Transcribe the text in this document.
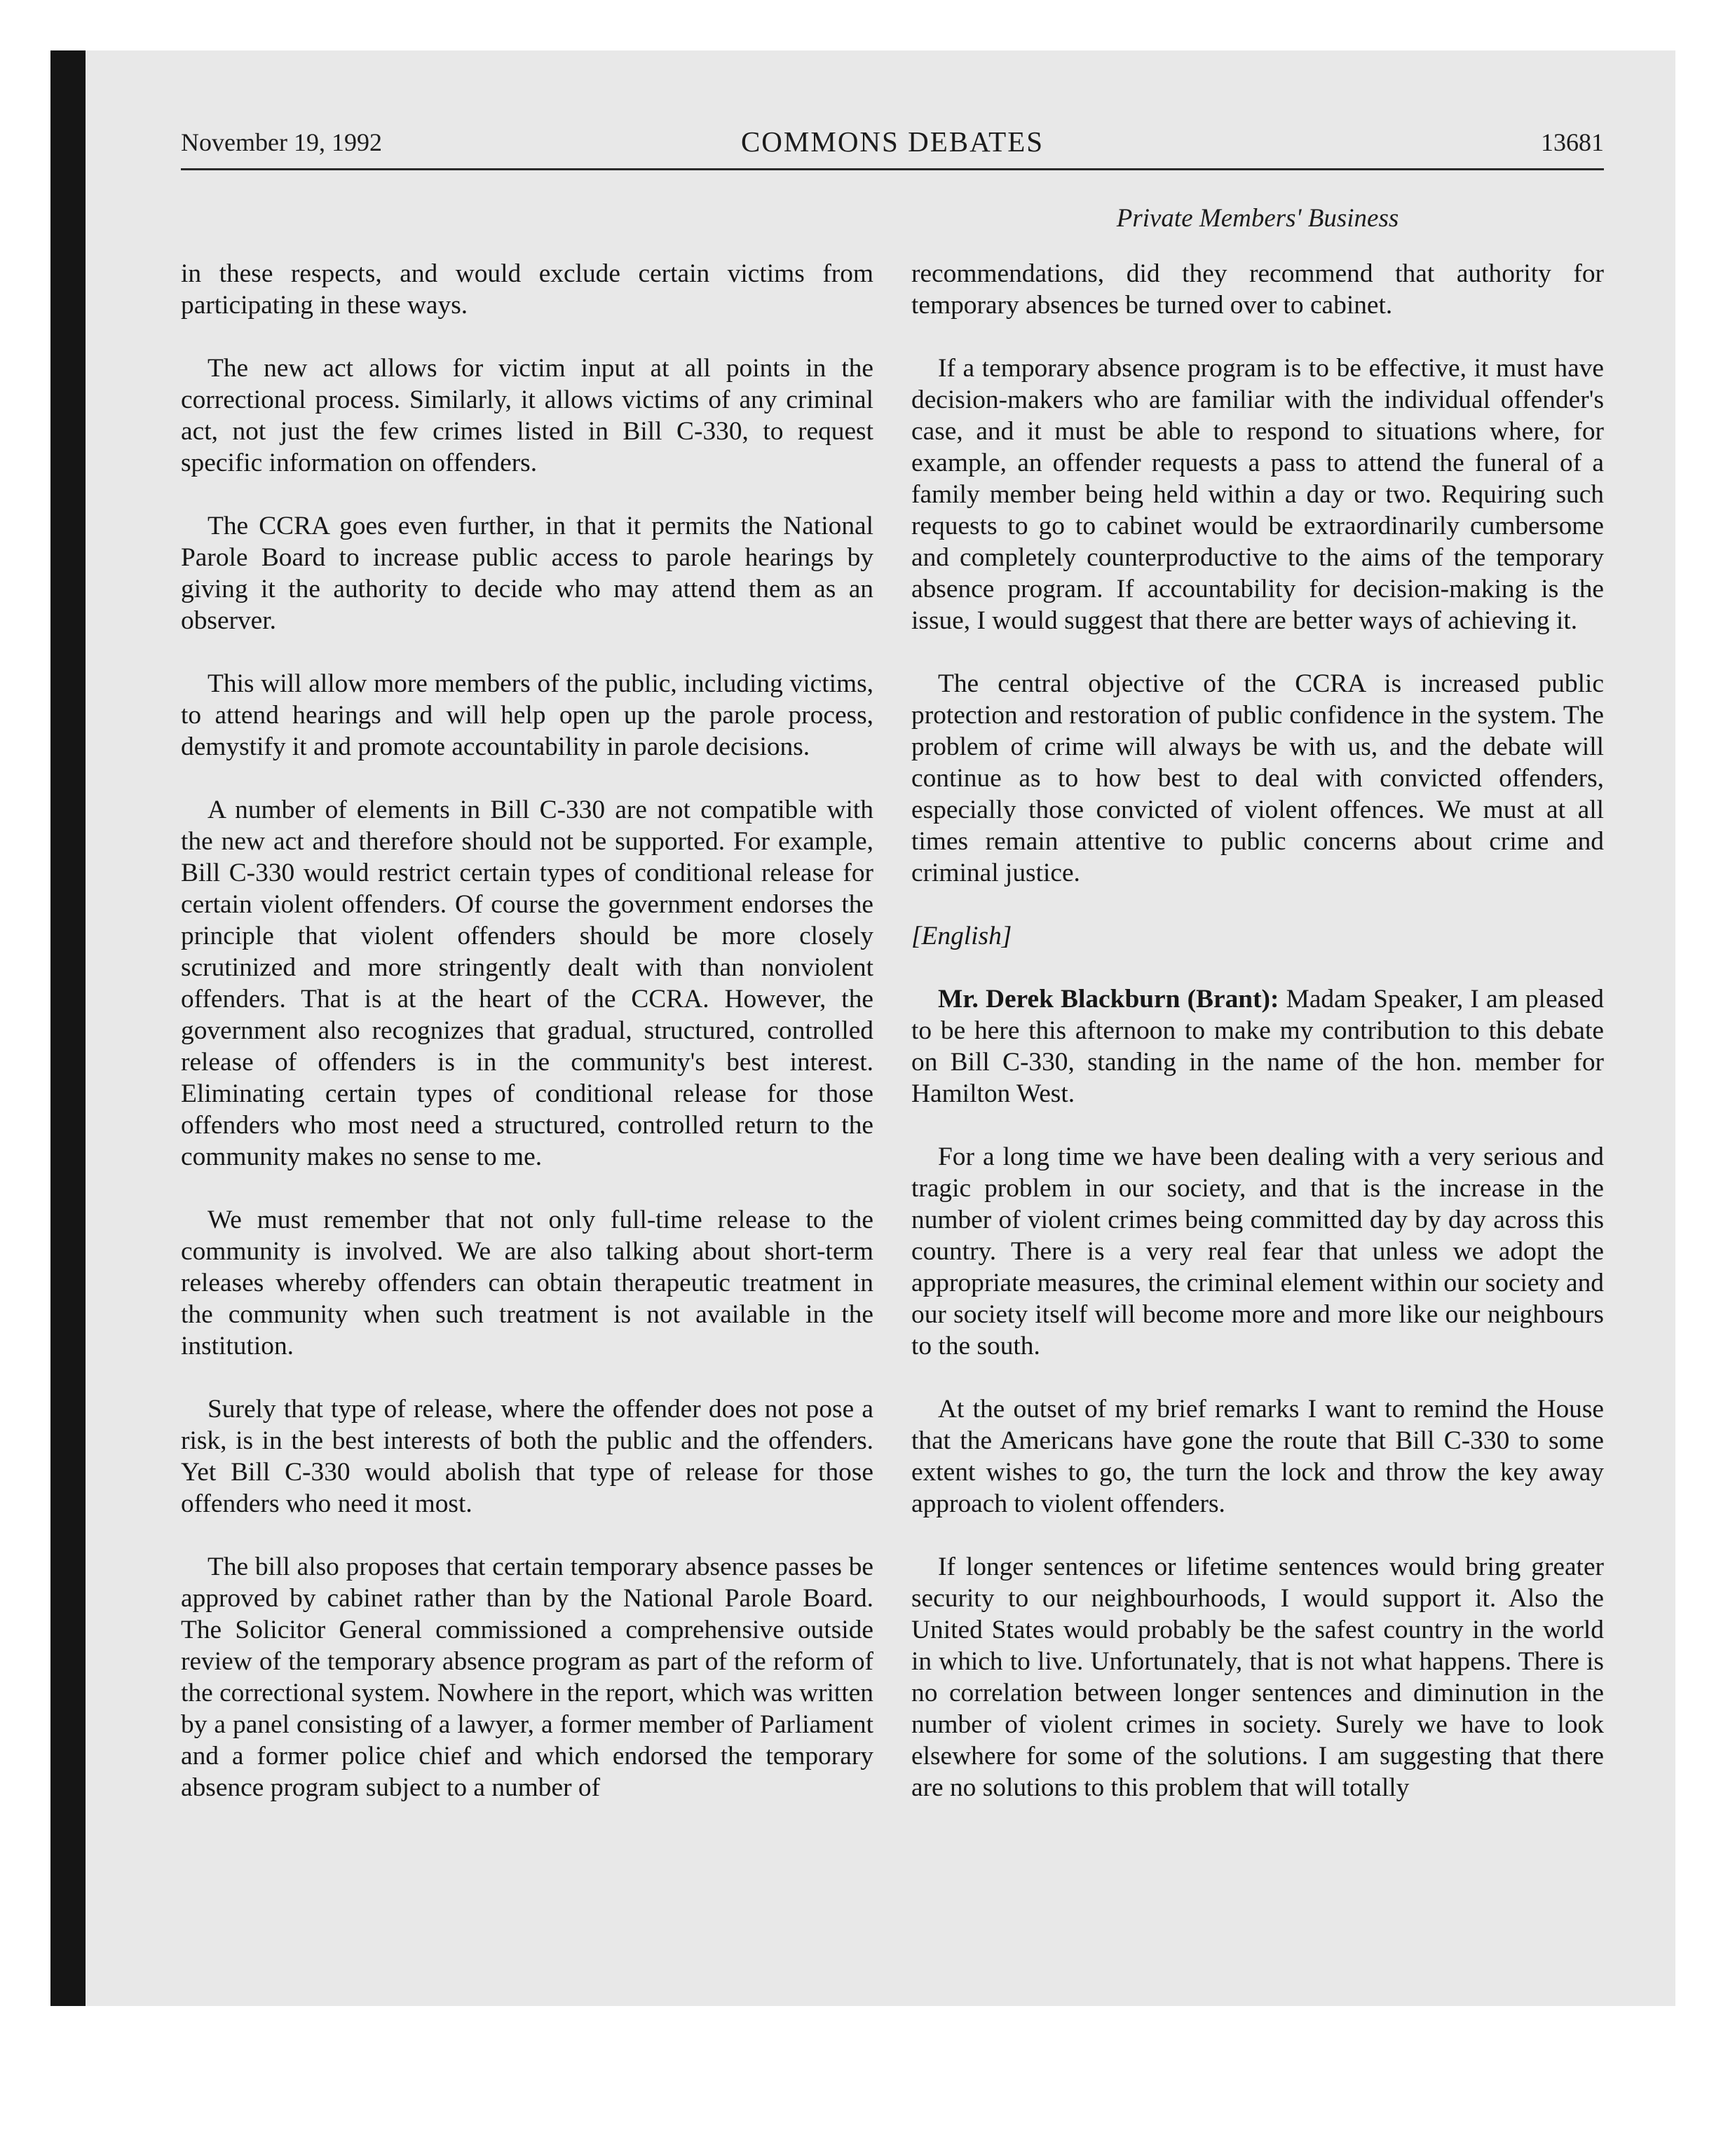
November 19, 1992	COMMONS DEBATES	13681
Private Members' Business

in these respects, and would exclude certain victims from participating in these ways.

The new act allows for victim input at all points in the correctional process. Similarly, it allows victims of any criminal act, not just the few crimes listed in Bill C-330, to request specific information on offenders.

The CCRA goes even further, in that it permits the National Parole Board to increase public access to parole hearings by giving it the authority to decide who may attend them as an observer.

This will allow more members of the public, including victims, to attend hearings and will help open up the parole process, demystify it and promote accountability in parole decisions.

A number of elements in Bill C-330 are not compatible with the new act and therefore should not be supported. For example, Bill C-330 would restrict certain types of conditional release for certain violent offenders. Of course the government endorses the principle that violent offenders should be more closely scrutinized and more stringently dealt with than nonviolent offenders. That is at the heart of the CCRA. However, the government also recognizes that gradual, structured, controlled release of offenders is in the community's best interest. Eliminating certain types of conditional release for those offenders who most need a structured, controlled return to the community makes no sense to me.

We must remember that not only full-time release to the community is involved. We are also talking about short-term releases whereby offenders can obtain therapeutic treatment in the community when such treatment is not available in the institution.

Surely that type of release, where the offender does not pose a risk, is in the best interests of both the public and the offenders. Yet Bill C-330 would abolish that type of release for those offenders who need it most.

The bill also proposes that certain temporary absence passes be approved by cabinet rather than by the National Parole Board. The Solicitor General commissioned a comprehensive outside review of the temporary absence program as part of the reform of the correctional system. Nowhere in the report, which was written by a panel consisting of a lawyer, a former member of Parliament and a former police chief and which endorsed the temporary absence program subject to a number of

recommendations, did they recommend that authority for temporary absences be turned over to cabinet.

If a temporary absence program is to be effective, it must have decision-makers who are familiar with the individual offender's case, and it must be able to respond to situations where, for example, an offender requests a pass to attend the funeral of a family member being held within a day or two. Requiring such requests to go to cabinet would be extraordinarily cumbersome and completely counterproductive to the aims of the temporary absence program. If accountability for decision-making is the issue, I would suggest that there are better ways of achieving it.

The central objective of the CCRA is increased public protection and restoration of public confidence in the system. The problem of crime will always be with us, and the debate will continue as to how best to deal with convicted offenders, especially those convicted of violent offences. We must at all times remain attentive to public concerns about crime and criminal justice.

[English]

Mr. Derek Blackburn (Brant): Madam Speaker, I am pleased to be here this afternoon to make my contribution to this debate on Bill C-330, standing in the name of the hon. member for Hamilton West.

For a long time we have been dealing with a very serious and tragic problem in our society, and that is the increase in the number of violent crimes being committed day by day across this country. There is a very real fear that unless we adopt the appropriate measures, the criminal element within our society and our society itself will become more and more like our neighbours to the south.

At the outset of my brief remarks I want to remind the House that the Americans have gone the route that Bill C-330 to some extent wishes to go, the turn the lock and throw the key away approach to violent offenders.

If longer sentences or lifetime sentences would bring greater security to our neighbourhoods, I would support it. Also the United States would probably be the safest country in the world in which to live. Unfortunately, that is not what happens. There is no correlation between longer sentences and diminution in the number of violent crimes in society. Surely we have to look elsewhere for some of the solutions. I am suggesting that there are no solutions to this problem that will totally
